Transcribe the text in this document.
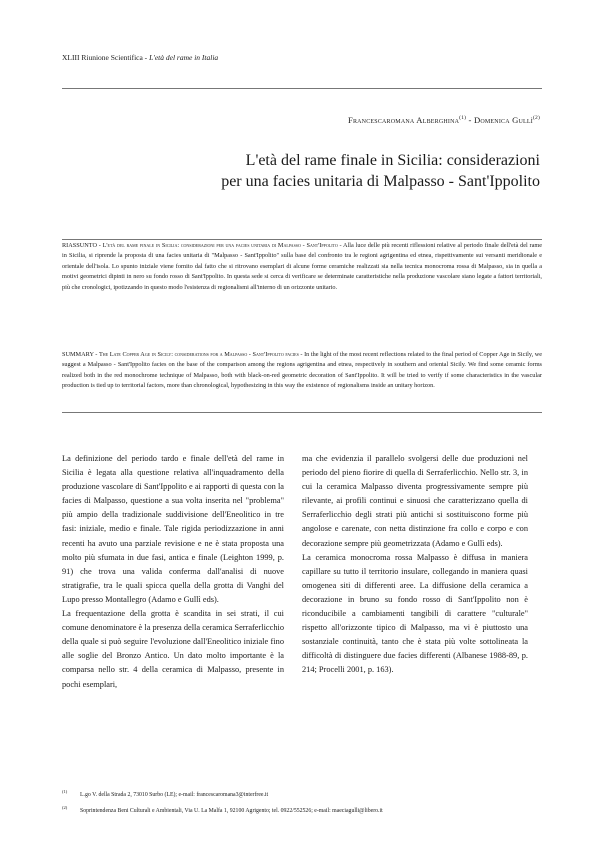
XLIII Riunione Scientifica - L'età del rame in Italia
Francescaromana Alberghina$^{(1)}$ - Domenica Gullì$^{(2)}$
L'età del rame finale in Sicilia: considerazioni
per una facies unitaria di Malpasso - Sant'Ippolito

RIASSUNTO - L'età del rame finale in Sicilia: considerazioni per una facies unitaria di Malpasso - Sant'Ippolito - Alla luce delle più recenti riflessioni relative al periodo finale dell'età del rame in Sicilia, si riprende la proposta di una facies unitaria di "Malpasso - Sant'Ippolito" sulla base del confronto tra le regioni agrigentina ed etnea, rispettivamente sui versanti meridionale e orientale dell'isola. Lo spunto iniziale viene fornito dal fatto che si ritrovano esemplari di alcune forme ceramiche realizzati sia nella tecnica monocroma rossa di Malpasso, sia in quella a motivi geometrici dipinti in nero su fondo rosso di Sant'Ippolito. In questa sede si cerca di verificare se determinate caratteristiche nella produzione vascolare siano legate a fattori territoriali, più che cronologici, ipotizzando in questo modo l'esistenza di regionalismi all'interno di un orizzonte unitario.

SUMMARY - The Late Copper Age in Sicily: considerations for a Malpasso - Sant'Ippolito facies - In the light of the most recent reflections related to the final period of Copper Age in Sicily, we suggest a Malpasso - Sant'Ippolito facies on the base of the comparison among the regions agrigentina and etnea, respectively in southern and oriental Sicily. We find some ceramic forms realized both in the red monochrome technique of Malpasso, both with black-on-red geometric decoration of Sant'Ippolito. It will be tried to verify if some characteristics in the vascular production is tied up to territorial factors, more than chronological, hypothesizing in this way the existence of regionalisms inside an unitary horizon.

La definizione del periodo tardo e finale dell'età del rame in Sicilia è legata alla questione relativa all'inquadramento della produzione vascolare di Sant'Ippolito e ai rapporti di questa con la facies di Malpasso, questione a sua volta inserita nel "problema" più ampio della tradizionale suddivisione dell'Eneolitico in tre fasi: iniziale, medio e finale. Tale rigida periodizzazione in anni recenti ha avuto una parziale revisione e ne è stata proposta una molto più sfumata in due fasi, antica e finale (Leighton 1999, p. 91) che trova una valida conferma dall'analisi di nuove stratigrafie, tra le quali spicca quella della grotta di Vanghi del Lupo presso Montallegro (Adamo e Gullì eds).

La frequentazione della grotta è scandita in sei strati, il cui comune denominatore è la presenza della ceramica Serraferlicchio della quale si può seguire l'evoluzione dall'Eneolitico iniziale fino alle soglie del Bronzo Antico. Un dato molto importante è la comparsa nello str. 4 della ceramica di Malpasso, presente in pochi esemplari,

ma che evidenzia il parallelo svolgersi delle due produzioni nel periodo del pieno fiorire di quella di Serraferlicchio. Nello str. 3, in cui la ceramica Malpasso diventa progressivamente sempre più rilevante, ai profili continui e sinuosi che caratterizzano quella di Serraferlicchio degli strati più antichi si sostituiscono forme più angolose e carenate, con netta distinzione fra collo e corpo e con decorazione sempre più geometrizzata (Adamo e Gullì eds).

La ceramica monocroma rossa Malpasso è diffusa in maniera capillare su tutto il territorio insulare, collegando in maniera quasi omogenea siti di differenti aree. La diffusione della ceramica a decorazione in bruno su fondo rosso di Sant'Ippolito non è riconducibile a cambiamenti tangibili di carattere "culturale" rispetto all'orizzonte tipico di Malpasso, ma vi è piuttosto una sostanziale continuità, tanto che è stata più volte sottolineata la difficoltà di distinguere due facies differenti (Albanese 1988-89, p. 214; Procelli 2001, p. 163).

$^{(1)}$L.go V. della Strada 2, 73010 Surbo (LE); e-mail: francescaromana3@interfree.it
$^{(2)}$Soprintendenza Beni Culturali e Ambientali, Via U. La Malfa 1, 92100 Agrigento; tel. 0922/552526; e-mail: maeciagulli@libero.it
